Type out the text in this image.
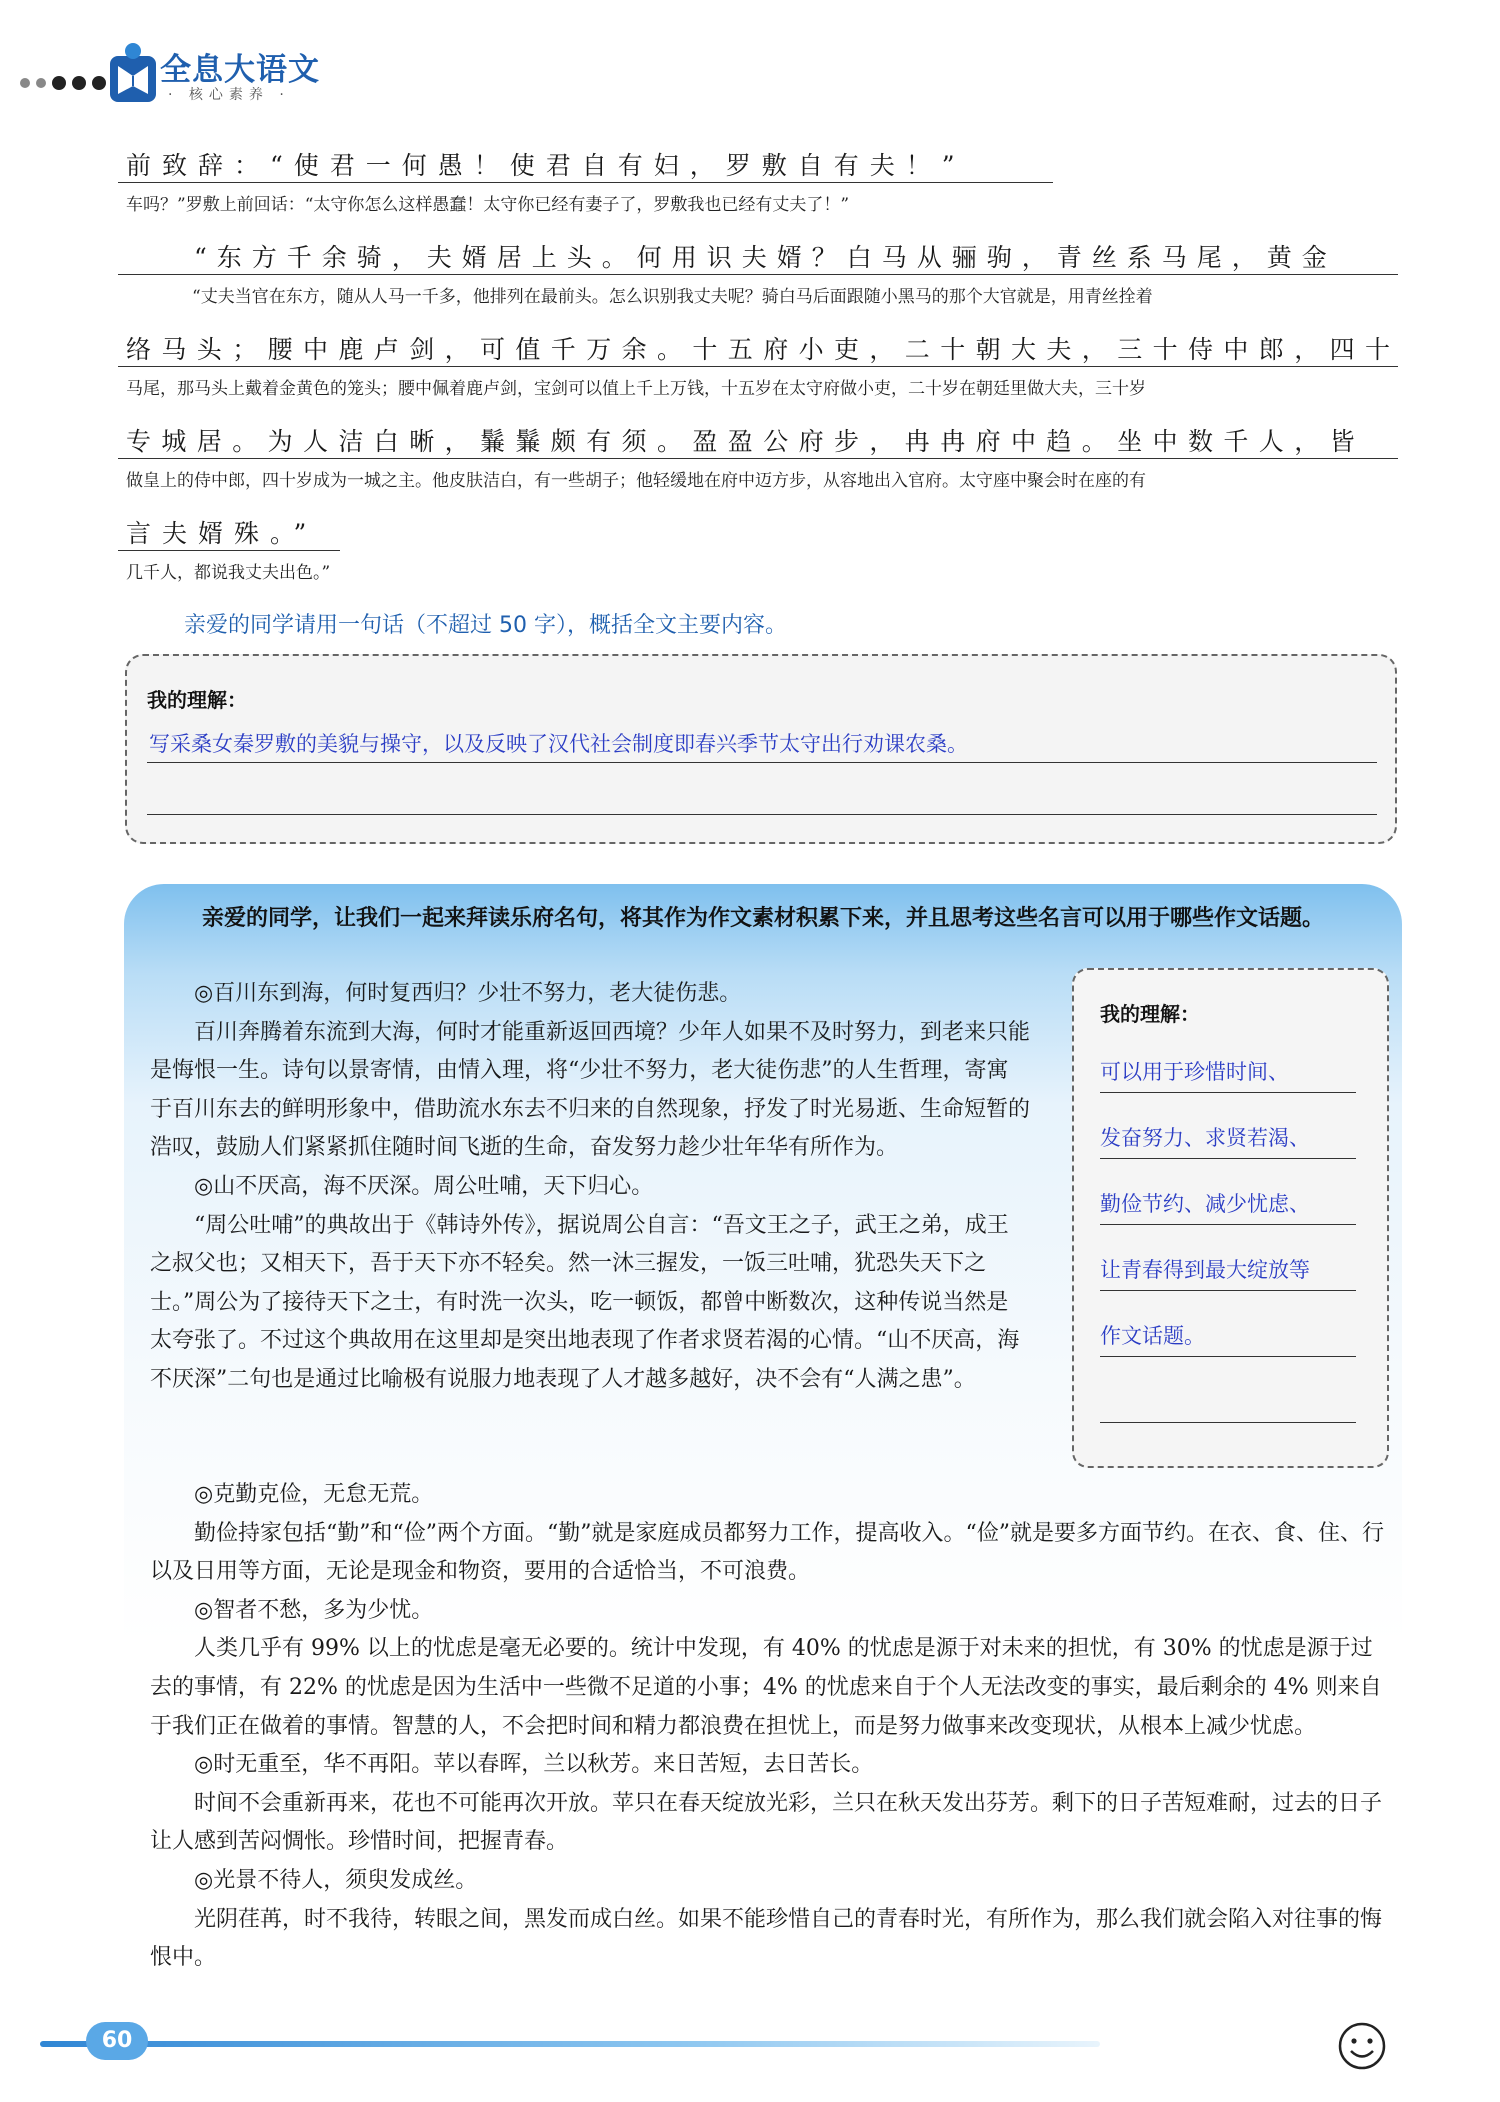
全息大语文
· 核心素养 ·
前致辞：“使君一何愚！使君自有妇，罗敷自有夫！”
车吗？”罗敷上前回话：“太守你怎么这样愚蠢！太守你已经有妻子了，罗敷我也已经有丈夫了！”
“东方千余骑，夫婿居上头。何用识夫婿？白马从骊驹，青丝系马尾，黄金
“丈夫当官在东方，随从人马一千多，他排列在最前头。怎么识别我丈夫呢？骑白马后面跟随小黑马的那个大官就是，用青丝拴着
络马头；腰中鹿卢剑，可值千万余。十五府小吏，二十朝大夫，三十侍中郎，四十
马尾，那马头上戴着金黄色的笼头；腰中佩着鹿卢剑，宝剑可以值上千上万钱，十五岁在太守府做小吏，二十岁在朝廷里做大夫，三十岁
专城居。为人洁白晰，鬑鬑颇有须。盈盈公府步，冉冉府中趋。坐中数千人，皆
做皇上的侍中郎，四十岁成为一城之主。他皮肤洁白，有一些胡子；他轻缓地在府中迈方步，从容地出入官府。太守座中聚会时在座的有
言夫婿殊。”
几千人，都说我丈夫出色。”
亲爱的同学请用一句话（不超过 50 字），概括全文主要内容。
我的理解：
写采桑女秦罗敷的美貌与操守，以及反映了汉代社会制度即春兴季节太守出行劝课农桑。
亲爱的同学，让我们一起来拜读乐府名句，将其作为作文素材积累下来，并且思考这些名言可以用于哪些作文话题。
◎百川东到海，何时复西归？少壮不努力，老大徒伤悲。
百川奔腾着东流到大海，何时才能重新返回西境？少年人如果不及时努力，到老来只能是悔恨一生。诗句以景寄情，由情入理，将“少壮不努力，老大徒伤悲”的人生哲理，寄寓于百川东去的鲜明形象中，借助流水东去不归来的自然现象，抒发了时光易逝、生命短暂的浩叹，鼓励人们紧紧抓住随时间飞逝的生命，奋发努力趁少壮年华有所作为。
◎山不厌高，海不厌深。周公吐哺，天下归心。
“周公吐哺”的典故出于《韩诗外传》，据说周公自言：“吾文王之子，武王之弟，成王之叔父也；又相天下，吾于天下亦不轻矣。然一沐三握发，一饭三吐哺，犹恐失天下之士。”周公为了接待天下之士，有时洗一次头，吃一顿饭，都曾中断数次，这种传说当然是太夸张了。不过这个典故用在这里却是突出地表现了作者求贤若渴的心情。“山不厌高，海不厌深”二句也是通过比喻极有说服力地表现了人才越多越好，决不会有“人满之患”。
我的理解：
可以用于珍惜时间、
发奋努力、求贤若渴、
勤俭节约、减少忧虑、
让青春得到最大绽放等
作文话题。
◎克勤克俭，无怠无荒。
勤俭持家包括“勤”和“俭”两个方面。“勤”就是家庭成员都努力工作，提高收入。“俭”就是要多方面节约。在衣、食、住、行以及日用等方面，无论是现金和物资，要用的合适恰当，不可浪费。
◎智者不愁，多为少忧。
人类几乎有 99% 以上的忧虑是毫无必要的。统计中发现，有 40% 的忧虑是源于对未来的担忧，有 30% 的忧虑是源于过去的事情，有 22% 的忧虑是因为生活中一些微不足道的小事；4% 的忧虑来自于个人无法改变的事实，最后剩余的 4% 则来自于我们正在做着的事情。智慧的人，不会把时间和精力都浪费在担忧上，而是努力做事来改变现状，从根本上减少忧虑。
◎时无重至，华不再阳。苹以春晖，兰以秋芳。来日苦短，去日苦长。
时间不会重新再来，花也不可能再次开放。苹只在春天绽放光彩，兰只在秋天发出芬芳。剩下的日子苦短难耐，过去的日子让人感到苦闷惆怅。珍惜时间，把握青春。
◎光景不待人，须臾发成丝。
光阴荏苒，时不我待，转眼之间，黑发而成白丝。如果不能珍惜自己的青春时光，有所作为，那么我们就会陷入对往事的悔恨中。
60
